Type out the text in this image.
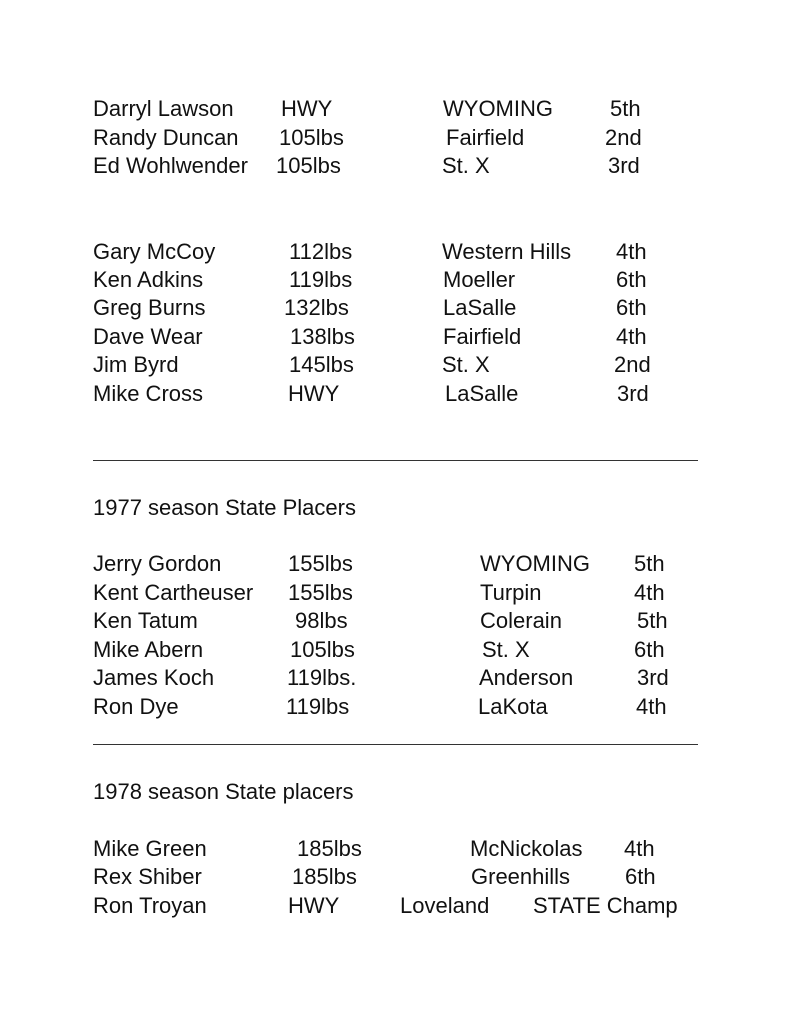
Darryl Lawson HWY	WYOMING	5th
Randy Duncan 105lbs	Fairfield	2nd
Ed Wohlwender 105lbs	St. X	3rd
Gary McCoy	112lbs	Western Hills 4th
Ken Adkins	119lbs	Moeller	6th
Greg Burns	132lbs	LaSalle	6th
Dave Wear	138lbs	Fairfield	4th
Jim Byrd	145lbs	St. X	2nd
Mike Cross	HWY	LaSalle	3rd
1977 season State Placers
Jerry Gordon	155lbs	WYOMING 5th
Kent Cartheuser 155lbs	Turpin	4th
Ken Tatum	98lbs	Colerain	5th
Mike Abern	105lbs	St. X	6th
James Koch	119lbs.	Anderson	3rd
Ron Dye	119lbs	LaKota	4th
1978 season State placers
Mike Green	185lbs	McNickolas 4th
Rex Shiber	185lbs	Greenhills 6th
Ron Troyan	HWY	Loveland STATE Champ
